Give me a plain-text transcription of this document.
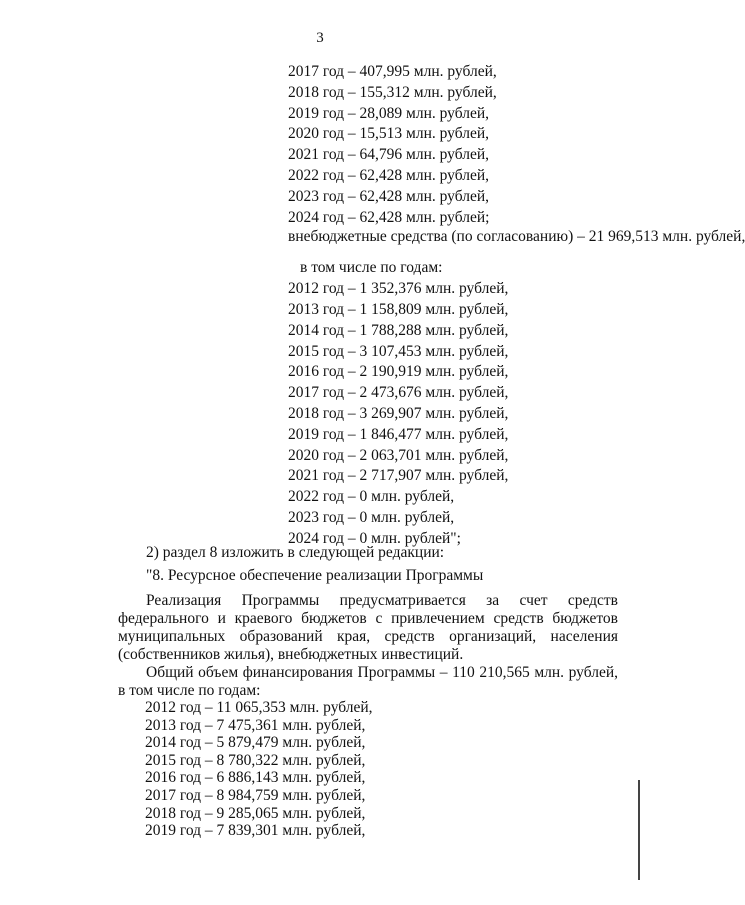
3
2017 год – 407,995 млн. рублей,
2018 год – 155,312 млн. рублей,
2019 год – 28,089 млн. рублей,
2020 год – 15,513 млн. рублей,
2021 год – 64,796 млн. рублей,
2022 год – 62,428 млн. рублей,
2023 год – 62,428 млн. рублей,
2024 год – 62,428 млн. рублей;
внебюджетные средства (по согласованию) – 21 969,513 млн. рублей,
в том числе по годам:
2012 год – 1 352,376 млн. рублей,
2013 год – 1 158,809 млн. рублей,
2014 год – 1 788,288 млн. рублей,
2015 год – 3 107,453 млн. рублей,
2016 год – 2 190,919 млн. рублей,
2017 год – 2 473,676 млн. рублей,
2018 год – 3 269,907 млн. рублей,
2019 год – 1 846,477 млн. рублей,
2020 год – 2 063,701 млн. рублей,
2021 год – 2 717,907 млн. рублей,
2022 год – 0 млн. рублей,
2023 год – 0 млн. рублей,
2024 год – 0 млн. рублей";
2) раздел 8 изложить в следующей редакции:
"8. Ресурсное обеспечение реализации Программы
Реализация Программы предусматривается за счет средств федерального и краевого бюджетов с привлечением средств бюджетов муниципальных образований края, средств организаций, населения (собственников жилья), внебюджетных инвестиций.
Общий объем финансирования Программы – 110 210,565 млн. рублей, в том числе по годам:
2012 год – 11 065,353 млн. рублей,
2013 год – 7 475,361 млн. рублей,
2014 год – 5 879,479 млн. рублей,
2015 год – 8 780,322 млн. рублей,
2016 год – 6 886,143 млн. рублей,
2017 год – 8 984,759 млн. рублей,
2018 год – 9 285,065 млн. рублей,
2019 год – 7 839,301 млн. рублей,
